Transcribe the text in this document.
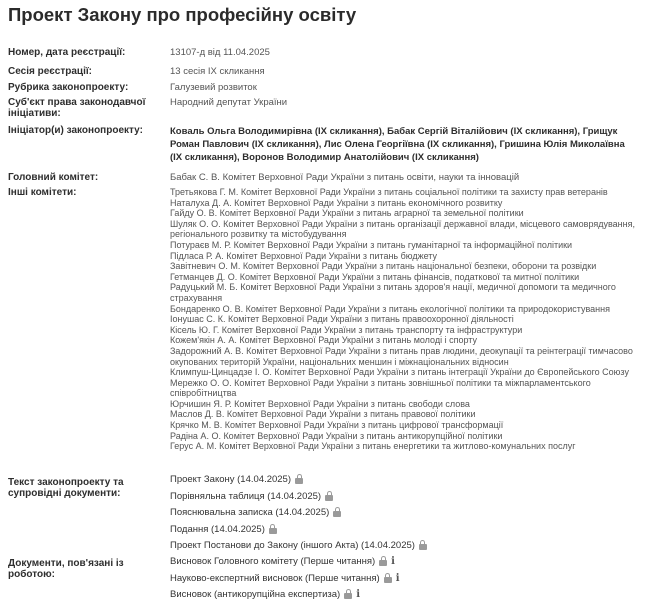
Проект Закону про професійну освіту
Номер, дата реєстрації:	13107-д від 11.04.2025
Сесія реєстрації:	13 сесія IX скликання
Рубрика законопроекту:	Галузевий розвиток
Суб'єкт права законодавчої ініціативи:
Народний депутат України
Ініціатор(и) законопроекту:	Коваль Ольга Володимирівна (IX скликання), Бабак Сергій Віталійович (IX скликання), Грищук Роман Павлович (IX скликання), Лис Олена Георгіївна (IX скликання), Гришина Юлія Миколаївна (IX скликання), Воронов Володимир Анатолійович (IX скликання)
Головний комітет:	Бабак С. В. Комітет Верховної Ради України з питань освіти, науки та інновацій
Інші комітети:	Третьякова Г. М. Комітет Верховної Ради України з питань соціальної політики та захисту прав ветеранів
Наталуха Д. А. Комітет Верховної Ради України з питань економічного розвитку
Гайду О. В. Комітет Верховної Ради України з питань аграрної та земельної політики
Шуляк О. О. Комітет Верховної Ради України з питань організації державної влади, місцевого самоврядування, регіонального розвитку та містобудування
Потураєв М. Р. Комітет Верховної Ради України з питань гуманітарної та інформаційної політики
Підласа Р. А. Комітет Верховної Ради України з питань бюджету
Завітневич О. М. Комітет Верховної Ради України з питань національної безпеки, оборони та розвідки
Гетманцев Д. О. Комітет Верховної Ради України з питань фінансів, податкової та митної політики
Радуцький М. Б. Комітет Верховної Ради України з питань здоров'я нації, медичної допомоги та медичного страхування
Бондаренко О. В. Комітет Верховної Ради України з питань екологічної політики та природокористування
Іонушас С. К. Комітет Верховної Ради України з питань правоохоронної діяльності
Кісель Ю. Г. Комітет Верховної Ради України з питань транспорту та інфраструктури
Кожем'якін А. А. Комітет Верховної Ради України з питань молоді і спорту
Задорожний А. В. Комітет Верховної Ради України з питань прав людини, деокупації та реінтеграції тимчасово окупованих територій України, національних меншин і міжнаціональних відносин
Климпуш-Цинцадзе І. О. Комітет Верховної Ради України з питань інтеграції України до Європейського Союзу
Мережко О. О. Комітет Верховної Ради України з питань зовнішньої політики та міжпарламентського співробітництва
Юрчишин Я. Р. Комітет Верховної Ради України з питань свободи слова
Маслов Д. В. Комітет Верховної Ради України з питань правової політики
Крячко М. В. Комітет Верховної Ради України з питань цифрової трансформації
Радіна А. О. Комітет Верховної Ради України з питань антикорупційної політики
Герус А. М. Комітет Верховної Ради України з питань енергетики та житлово-комунальних послуг
Текст законопроекту та супровідні документи:
Проект Закону (14.04.2025)
Порівняльна таблиця (14.04.2025)
Пояснювальна записка (14.04.2025)
Подання (14.04.2025)
Проект Постанови до Закону (іншого Акта) (14.04.2025)
Документи, пов'язані із роботою:
Висновок Головного комітету (Перше читання) i
Науково-експертний висновок (Перше читання) i
Висновок (антикорупційна експертиза) i
